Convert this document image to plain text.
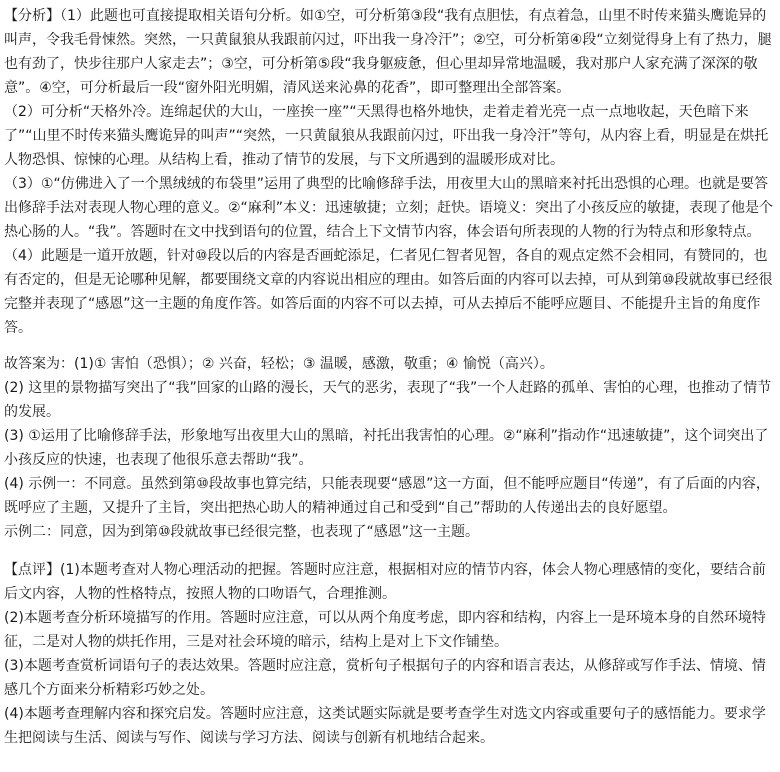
【分析】（1）此题也可直接提取相关语句分析。如①空，可分析第③段“我有点胆怯，有点着急，山里不时传来猫头鹰诡异的叫声，令我毛骨悚然。突然，一只黄鼠狼从我跟前闪过，吓出我一身冷汗”；②空，可分析第④段“立刻觉得身上有了热力，腿也有劲了，快步往那户人家走去”；③空，可分析第⑤段“我身躯疲惫，但心里却异常地温暖，我对那户人家充满了深深的敬意”。④空，可分析最后一段“窗外阳光明媚，清风送来沁鼻的花香”，即可整理出全部答案。

（2）可分析“天格外冷。连绵起伏的大山，一座挨一座”“天黑得也格外地快，走着走着光亮一点一点地收起，天色暗下来了”“山里不时传来猫头鹰诡异的叫声”“突然，一只黄鼠狼从我跟前闪过，吓出我一身冷汗”等句，从内容上看，明显是在烘托人物恐惧、惊悚的心理。从结构上看，推动了情节的发展，与下文所遇到的温暖形成对比。

（3）①“仿佛进入了一个黑绒绒的布袋里”运用了典型的比喻修辞手法，用夜里大山的黑暗来衬托出恐惧的心理。也就是要答出修辞手法对表现人物心理的意义。②“麻利”本义：迅速敏捷；立刻；赶快。语境义：突出了小孩反应的敏捷，表现了他是个热心肠的人。“我”。答题时在文中找到语句的位置，结合上下文情节内容，体会语句所表现的人物的行为特点和形象特点。

（4）此题是一道开放题，针对⑩段以后的内容是否画蛇添足，仁者见仁智者见智，各自的观点定然不会相同，有赞同的，也有否定的，但是无论哪种见解，都要围绕文章的内容说出相应的理由。如答后面的内容可以去掉，可从到第⑩段就故事已经很完整并表现了“感恩”这一主题的角度作答。如答后面的内容不可以去掉，可从去掉后不能呼应题目、不能提升主旨的角度作答。

故答案为：(1)① 害怕（恐惧）；② 兴奋，轻松；③ 温暖，感激，敬重；④ 愉悦（高兴）。

(2) 这里的景物描写突出了“我”回家的山路的漫长，天气的恶劣，表现了“我”一个人赶路的孤单、害怕的心理，也推动了情节的发展。

(3) ①运用了比喻修辞手法，形象地写出夜里大山的黑暗，衬托出我害怕的心理。②“麻利”指动作“迅速敏捷”，这个词突出了小孩反应的快速，也表现了他很乐意去帮助“我”。

(4) 示例一：不同意。虽然到第⑩段故事也算完结，只能表现要“感恩”这一方面，但不能呼应题目“传递”，有了后面的内容，既呼应了主题，又提升了主旨，突出把热心助人的精神通过自己和受到“自己”帮助的人传递出去的良好愿望。

示例二：同意，因为到第⑩段就故事已经很完整，也表现了“感恩”这一主题。

【点评】(1)本题考查对人物心理活动的把握。答题时应注意，根据相对应的情节内容，体会人物心理感情的变化，要结合前后文内容，人物的性格特点，按照人物的口吻语气，合理推测。

(2)本题考查分析环境描写的作用。答题时应注意，可以从两个角度考虑，即内容和结构，内容上一是环境本身的自然环境特征，二是对人物的烘托作用，三是对社会环境的暗示，结构上是对上下文作铺垫。

(3)本题考查赏析词语句子的表达效果。答题时应注意，赏析句子根据句子的内容和语言表达，从修辞或写作手法、情境、情感几个方面来分析精彩巧妙之处。

(4)本题考查理解内容和探究启发。答题时应注意，这类试题实际就是要考查学生对选文内容或重要句子的感悟能力。要求学生把阅读与生活、阅读与写作、阅读与学习方法、阅读与创新有机地结合起来。
